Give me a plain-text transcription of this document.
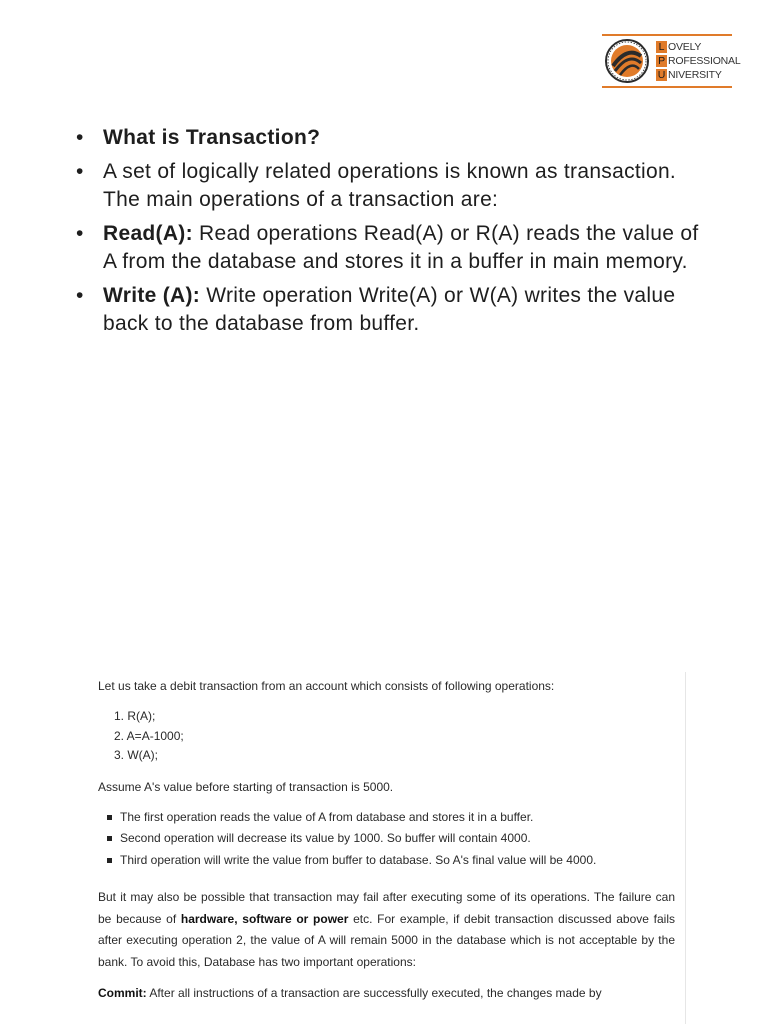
L OVELY
P ROFESSIONAL
U NIVERSITY
• What is Transaction?
• A set of logically related operations is known as transaction. The main operations of a transaction are:
• Read(A): Read operations Read(A) or R(A) reads the value of A from the database and stores it in a buffer in main memory.
• Write (A): Write operation Write(A) or W(A) writes the value back to the database from buffer.

Let us take a debit transaction from an account which consists of following operations:

1. R(A);
2. A=A-1000;
3. W(A);

Assume A's value before starting of transaction is 5000.

The first operation reads the value of A from database and stores it in a buffer.
Second operation will decrease its value by 1000. So buffer will contain 4000.
Third operation will write the value from buffer to database. So A's final value will be 4000.

But it may also be possible that transaction may fail after executing some of its operations. The failure can be because of hardware, software or power etc. For example, if debit transaction discussed above fails after executing operation 2, the value of A will remain 5000 in the database which is not acceptable by the bank. To avoid this, Database has two important operations:

Commit: After all instructions of a transaction are successfully executed, the changes made by
